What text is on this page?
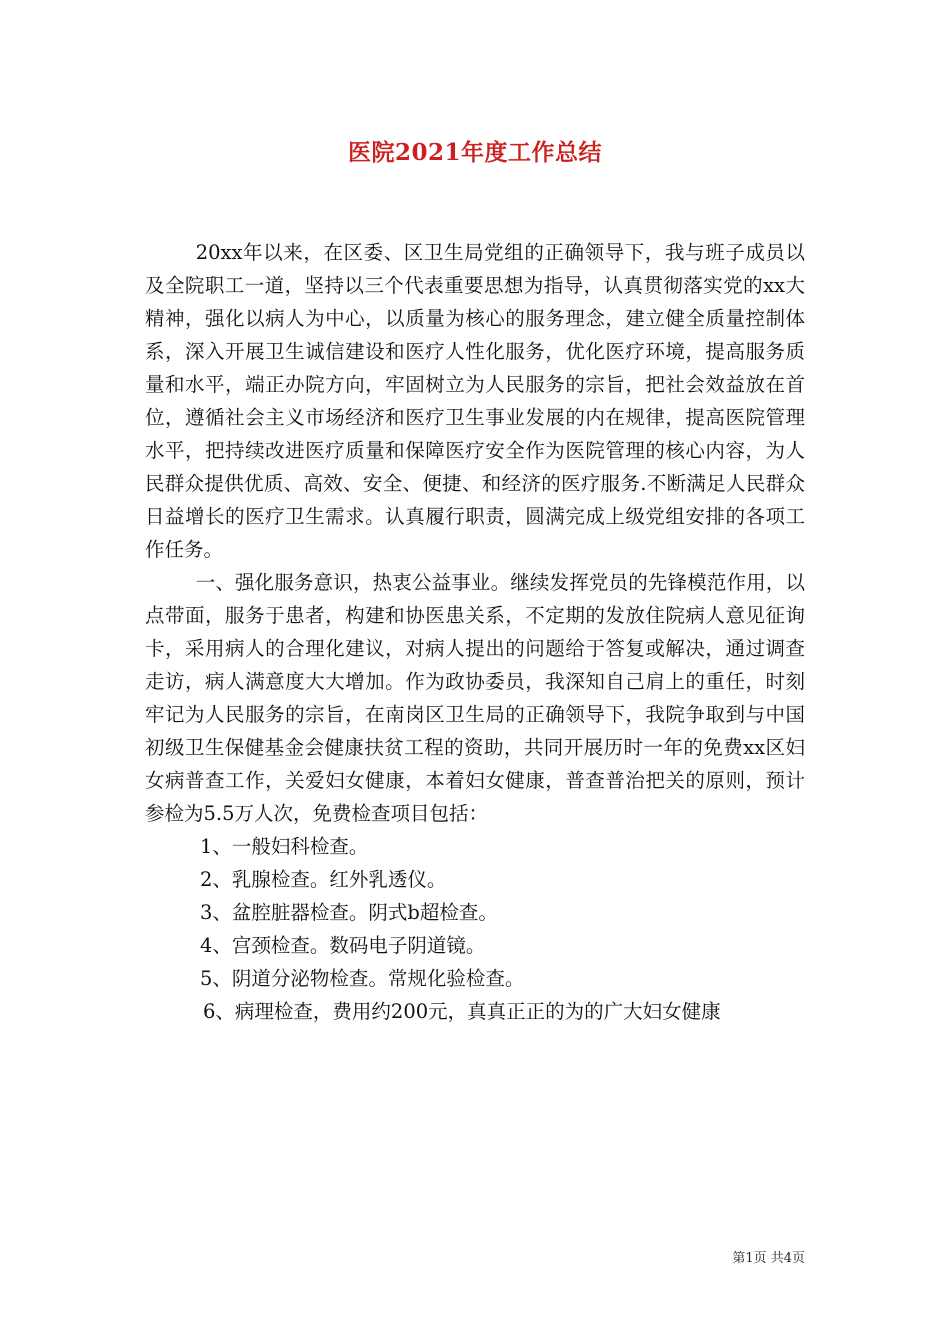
医院2021年度工作总结

20xx年以来，在区委、区卫生局党组的正确领导下，我与班子成员以及全院职工一道，坚持以三个代表重要思想为指导，认真贯彻落实党的xx大精神，强化以病人为中心，以质量为核心的服务理念，建立健全质量控制体系，深入开展卫生诚信建设和医疗人性化服务，优化医疗环境，提高服务质量和水平，端正办院方向，牢固树立为人民服务的宗旨，把社会效益放在首位，遵循社会主义市场经济和医疗卫生事业发展的内在规律，提高医院管理水平，把持续改进医疗质量和保障医疗安全作为医院管理的核心内容，为人民群众提供优质、高效、安全、便捷、和经济的医疗服务.不断满足人民群众日益增长的医疗卫生需求。认真履行职责，圆满完成上级党组安排的各项工作任务。

一、强化服务意识，热衷公益事业。继续发挥党员的先锋模范作用，以点带面，服务于患者，构建和协医患关系，不定期的发放住院病人意见征询卡，采用病人的合理化建议，对病人提出的问题给于答复或解决，通过调查走访，病人满意度大大增加。作为政协委员，我深知自己肩上的重任，时刻牢记为人民服务的宗旨，在南岗区卫生局的正确领导下，我院争取到与中国初级卫生保健基金会健康扶贫工程的资助，共同开展历时一年的免费xx区妇女病普查工作，关爱妇女健康，本着妇女健康，普查普治把关的原则，预计参检为5.5万人次，免费检查项目包括：

1、一般妇科检查。

2、乳腺检查。红外乳透仪。

3、盆腔脏器检查。阴式b超检查。

4、宫颈检查。数码电子阴道镜。

5、阴道分泌物检查。常规化验检查。

6、病理检查，费用约200元，真真正正的为的广大妇女健康

第1页 共4页
